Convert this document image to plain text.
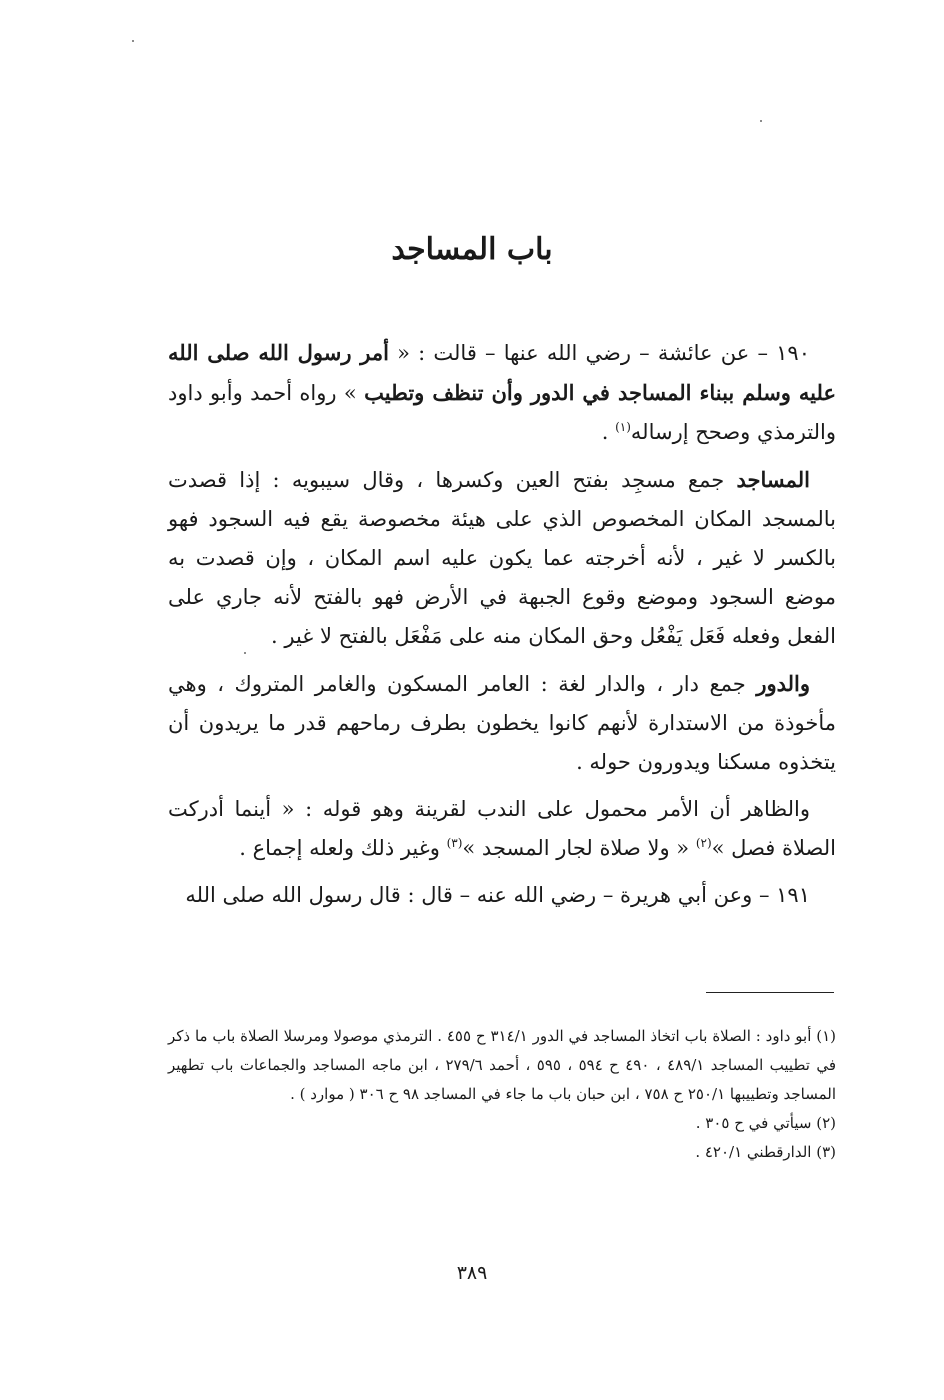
باب المساجد

١٩٠ – عن عائشة – رضي الله عنها – قالت : « أمر رسول الله صلى الله عليه وسلم ببناء المساجد في الدور وأن تنظف وتطيب » رواه أحمد وأبو داود والترمذي وصحح إرساله$^{(١)}$ .

المساجد جمع مسجِد بفتح العين وكسرها ، وقال سيبويه : إذا قصدت بالمسجد المكان المخصوص الذي على هيئة مخصوصة يقع فيه السجود فهو بالكسر لا غير ، لأنه أخرجته عما يكون عليه اسم المكان ، وإن قصدت به موضع السجود وموضع وقوع الجبهة في الأرض فهو بالفتح لأنه جاري على الفعل وفعله فَعَل يَفْعُل وحق المكان منه على مَفْعَل بالفتح لا غير .

والدور جمع دار ، والدار لغة : العامر المسكون والغامر المتروك ، وهي مأخوذة من الاستدارة لأنهم كانوا يخطون بطرف رماحهم قدر ما يريدون أن يتخذوه مسكنا ويدورون حوله .

والظاهر أن الأمر محمول على الندب لقرينة وهو قوله : « أينما أدركت الصلاة فصل »$^{(٢)}$ « ولا صلاة لجار المسجد »$^{(٣)}$ وغير ذلك ولعله إجماع .

١٩١ – وعن أبي هريرة – رضي الله عنه – قال : قال رسول الله صلى الله

(١) أبو داود : الصلاة باب اتخاذ المساجد في الدور ٣١٤/١ ح ٤٥٥ . الترمذي موصولا ومرسلا الصلاة باب ما ذكر في تطييب المساجد ٤٨٩/١ ، ٤٩٠ ح ٥٩٤ ، ٥٩٥ ، أحمد ٢٧٩/٦ ، ابن ماجه المساجد والجماعات باب تطهير المساجد وتطييبها ٢٥٠/١ ح ٧٥٨ ، ابن حبان باب ما جاء في المساجد ٩٨ ح ٣٠٦ ( موارد ) .

(٢) سيأتي في ح ٣٠٥ .

(٣) الدارقطني ٤٢٠/١ .

٣٨٩
